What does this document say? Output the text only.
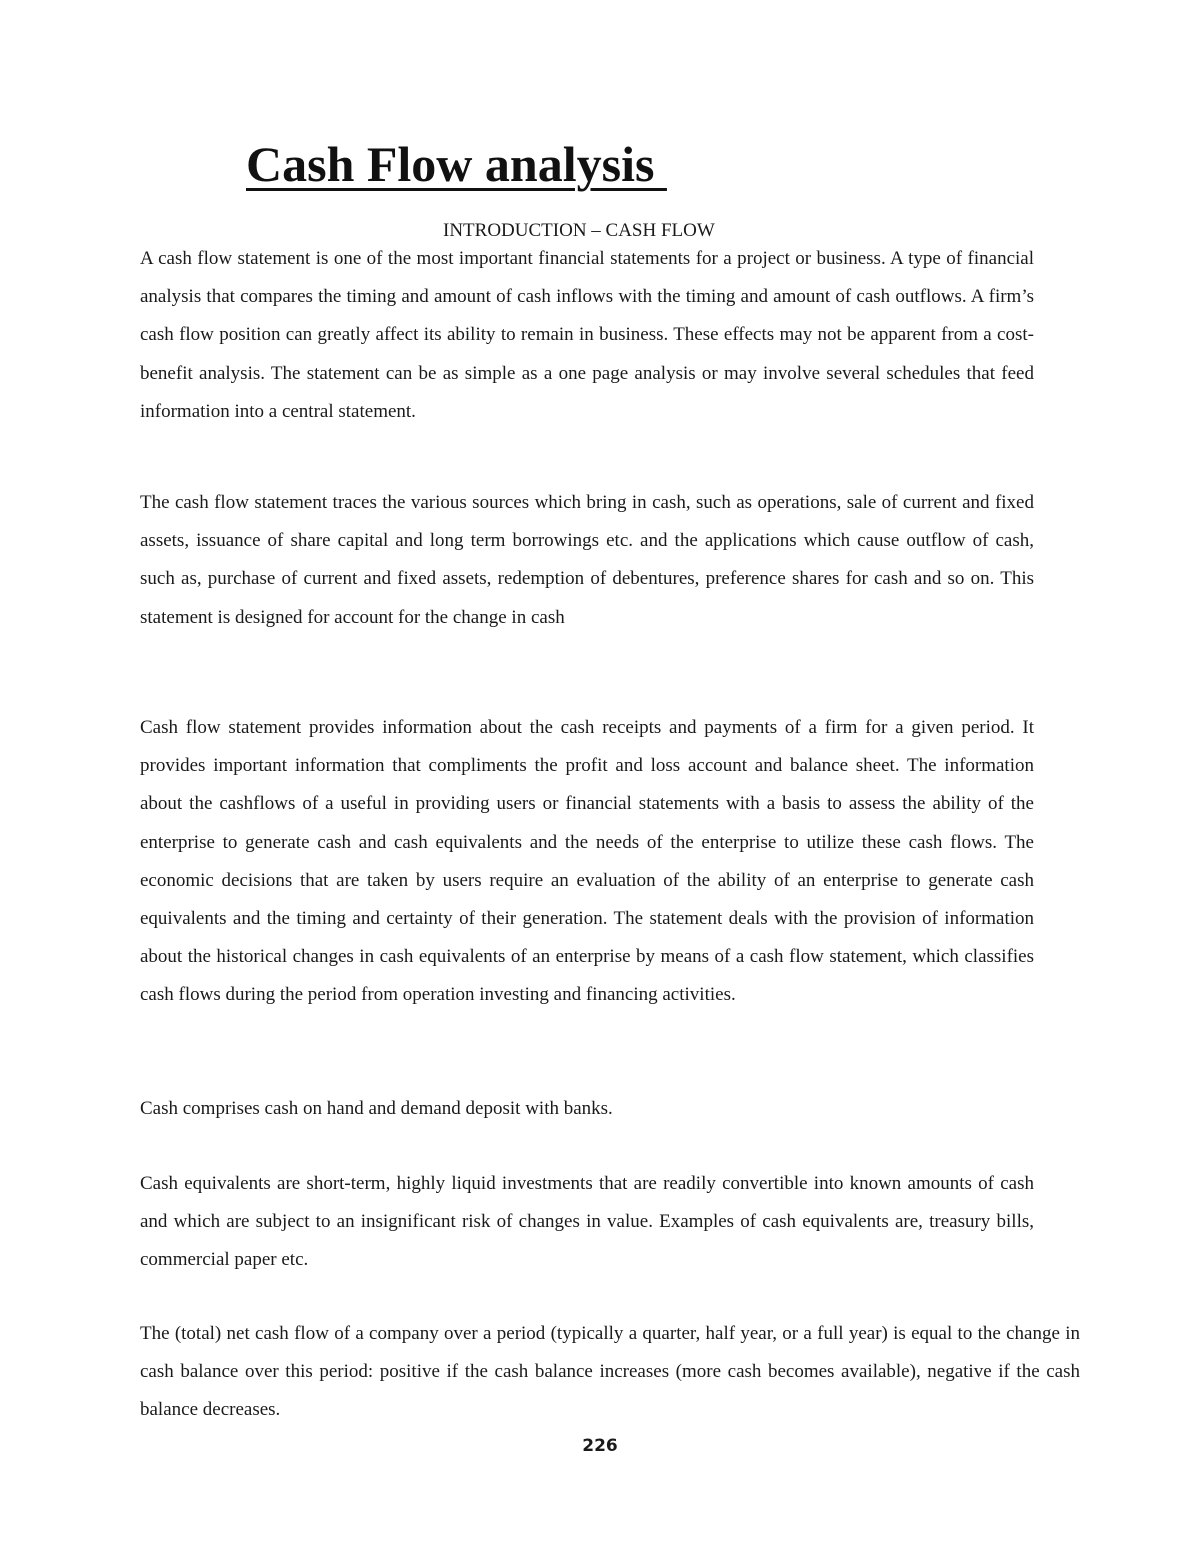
Cash Flow analysis
INTRODUCTION – CASH FLOW

A cash flow statement is one of the most important financial statements for a project or business. A type of financial analysis that compares the timing and amount of cash inflows with the timing and amount of cash outflows. A firm’s cash flow position can greatly affect its ability to remain in business. These effects may not be apparent from a cost-benefit analysis. The statement can be as simple as a one page analysis or may involve several schedules that feed information into a central statement.

The cash flow statement traces the various sources which bring in cash, such as operations, sale of current and fixed assets, issuance of share capital and long term borrowings etc. and the applications which cause outflow of cash, such as, purchase of current and fixed assets, redemption of debentures, preference shares for cash and so on. This statement is designed for account for the change in cash

Cash flow statement provides information about the cash receipts and payments of a firm for a given period. It provides important information that compliments the profit and loss account and balance sheet. The information about the cashflows of a useful in providing users or financial statements with a basis to assess the ability of the enterprise to generate cash and cash equivalents and the needs of the enterprise to utilize these cash flows. The economic decisions that are taken by users require an evaluation of the ability of an enterprise to generate cash equivalents and the timing and certainty of their generation. The statement deals with the provision of information about the historical changes in cash equivalents of an enterprise by means of a cash flow statement, which classifies cash flows during the period from operation investing and financing activities.

Cash comprises cash on hand and demand deposit with banks.

Cash equivalents are short-term, highly liquid investments that are readily convertible into known amounts of cash and which are subject to an insignificant risk of changes in value. Examples of cash equivalents are, treasury bills, commercial paper etc.

The (total) net cash flow of a company over a period (typically a quarter, half year, or a full year) is equal to the change in cash balance over this period: positive if the cash balance increases (more cash becomes available), negative if the cash balance decreases.

226
